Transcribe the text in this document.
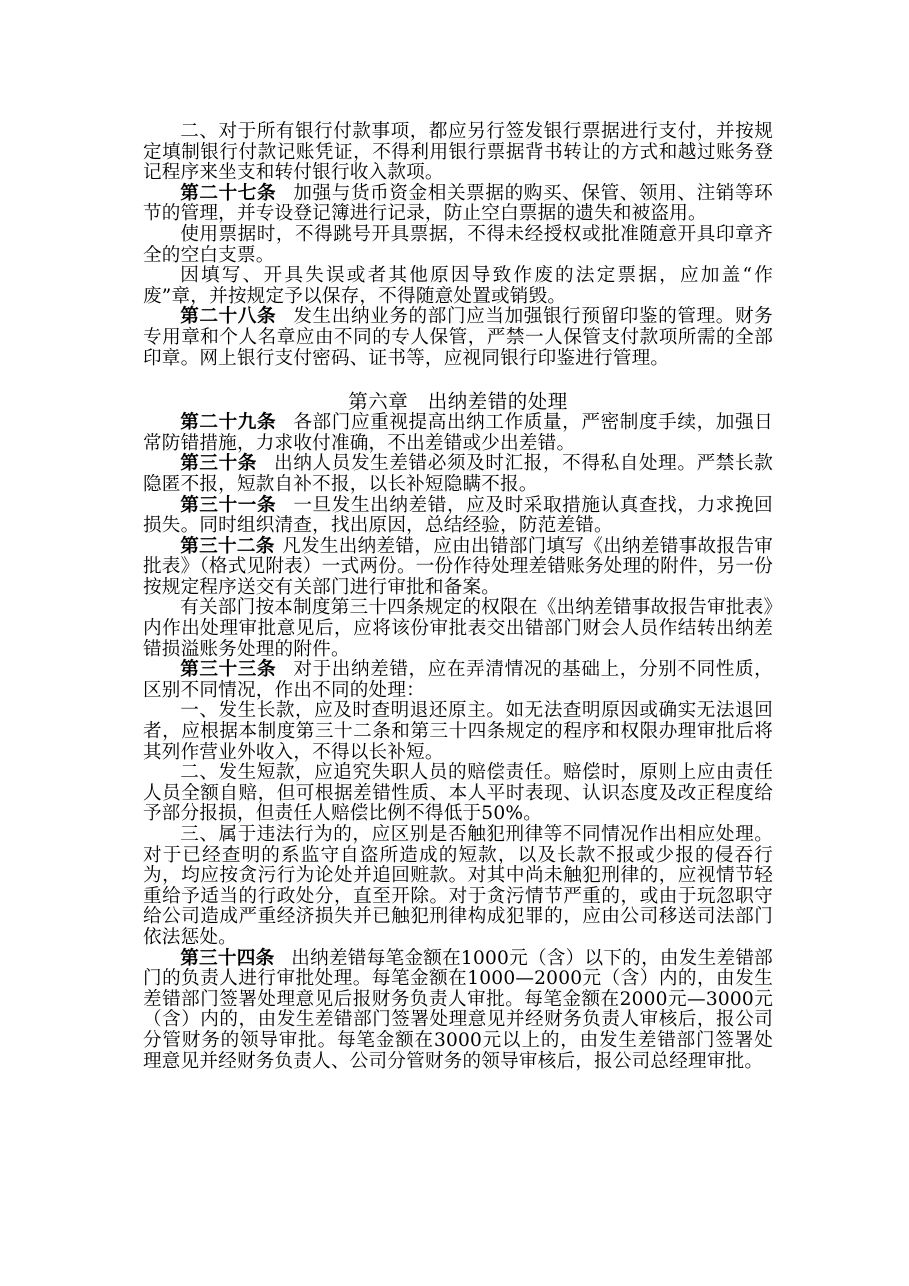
二、对于所有银行付款事项，都应另行签发银行票据进行支付，并按规定填制银行付款记账凭证，不得利用银行票据背书转让的方式和越过账务登记程序来坐支和转付银行收入款项。

第二十七条 加强与货币资金相关票据的购买、保管、领用、注销等环节的管理，并专设登记簿进行记录，防止空白票据的遗失和被盗用。

使用票据时，不得跳号开具票据，不得未经授权或批准随意开具印章齐全的空白支票。

因填写、开具失误或者其他原因导致作废的法定票据，应加盖“作废”章，并按规定予以保存，不得随意处置或销毁。

第二十八条 发生出纳业务的部门应当加强银行预留印鉴的管理。财务专用章和个人名章应由不同的专人保管，严禁一人保管支付款项所需的全部印章。网上银行支付密码、证书等，应视同银行印鉴进行管理。

第六章 出纳差错的处理

第二十九条 各部门应重视提高出纳工作质量，严密制度手续，加强日常防错措施，力求收付准确，不出差错或少出差错。

第三十条 出纳人员发生差错必须及时汇报，不得私自处理。严禁长款隐匿不报，短款自补不报，以长补短隐瞒不报。

第三十一条 一旦发生出纳差错，应及时采取措施认真查找，力求挽回损失。同时组织清查，找出原因，总结经验，防范差错。

第三十二条 凡发生出纳差错，应由出错部门填写《出纳差错事故报告审批表》（格式见附表）一式两份。一份作待处理差错账务处理的附件，另一份按规定程序送交有关部门进行审批和备案。

有关部门按本制度第三十四条规定的权限在《出纳差错事故报告审批表》内作出处理审批意见后，应将该份审批表交出错部门财会人员作结转出纳差错损溢账务处理的附件。

第三十三条 对于出纳差错，应在弄清情况的基础上，分别不同性质，区别不同情况，作出不同的处理：

一、发生长款，应及时查明退还原主。如无法查明原因或确实无法退回者，应根据本制度第三十二条和第三十四条规定的程序和权限办理审批后将其列作营业外收入，不得以长补短。

二、发生短款，应追究失职人员的赔偿责任。赔偿时，原则上应由责任人员全额自赔，但可根据差错性质、本人平时表现、认识态度及改正程度给予部分报损，但责任人赔偿比例不得低于50%。

三、属于违法行为的，应区别是否触犯刑律等不同情况作出相应处理。对于已经查明的系监守自盗所造成的短款，以及长款不报或少报的侵吞行为，均应按贪污行为论处并追回赃款。对其中尚未触犯刑律的，应视情节轻重给予适当的行政处分，直至开除。对于贪污情节严重的，或由于玩忽职守给公司造成严重经济损失并已触犯刑律构成犯罪的，应由公司移送司法部门依法惩处。

第三十四条 出纳差错每笔金额在1000元（含）以下的，由发生差错部门的负责人进行审批处理。每笔金额在1000—2000元（含）内的，由发生差错部门签署处理意见后报财务负责人审批。每笔金额在2000元—3000元（含）内的，由发生差错部门签署处理意见并经财务负责人审核后，报公司分管财务的领导审批。每笔金额在3000元以上的，由发生差错部门签署处理意见并经财务负责人、公司分管财务的领导审核后，报公司总经理审批。
